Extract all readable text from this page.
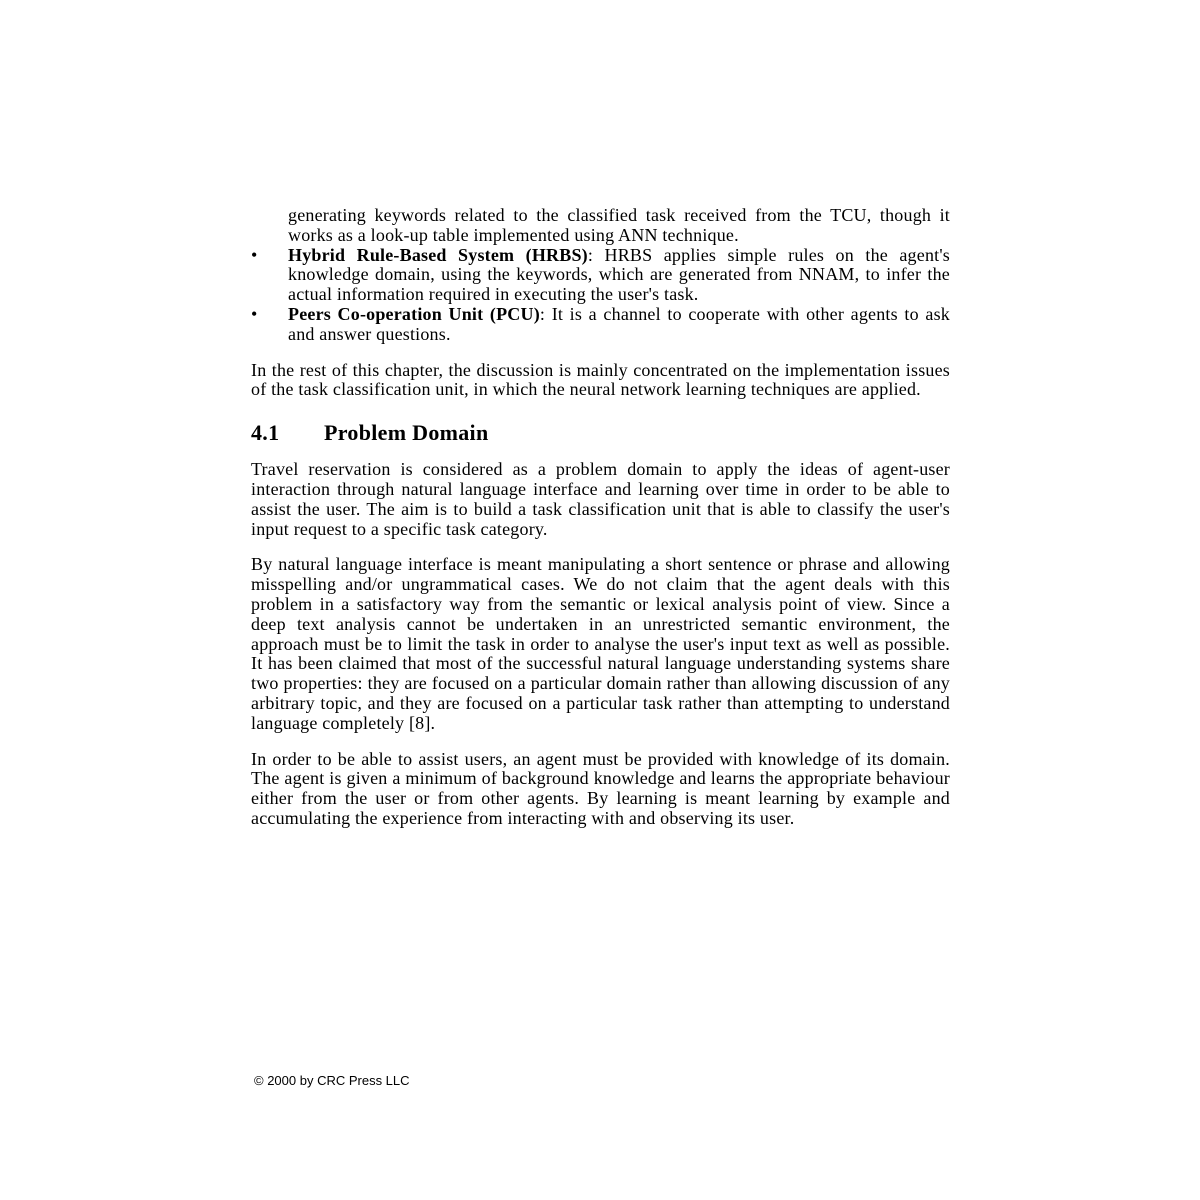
generating keywords related to the classified task received from the TCU, though it works as a look-up table implemented using ANN technique.

• Hybrid Rule-Based System (HRBS): HRBS applies simple rules on the agent's knowledge domain, using the keywords, which are generated from NNAM, to infer the actual information required in executing the user's task.
• Peers Co-operation Unit (PCU): It is a channel to cooperate with other agents to ask and answer questions.

In the rest of this chapter, the discussion is mainly concentrated on the implementation issues of the task classification unit, in which the neural network learning techniques are applied.

4.1 Problem Domain

Travel reservation is considered as a problem domain to apply the ideas of agent-user interaction through natural language interface and learning over time in order to be able to assist the user. The aim is to build a task classification unit that is able to classify the user's input request to a specific task category.

By natural language interface is meant manipulating a short sentence or phrase and allowing misspelling and/or ungrammatical cases. We do not claim that the agent deals with this problem in a satisfactory way from the semantic or lexical analysis point of view. Since a deep text analysis cannot be undertaken in an unrestricted semantic environment, the approach must be to limit the task in order to analyse the user's input text as well as possible. It has been claimed that most of the successful natural language understanding systems share two properties: they are focused on a particular domain rather than allowing discussion of any arbitrary topic, and they are focused on a particular task rather than attempting to understand language completely [8].

In order to be able to assist users, an agent must be provided with knowledge of its domain. The agent is given a minimum of background knowledge and learns the appropriate behaviour either from the user or from other agents. By learning is meant learning by example and accumulating the experience from interacting with and observing its user.

© 2000 by CRC Press LLC
